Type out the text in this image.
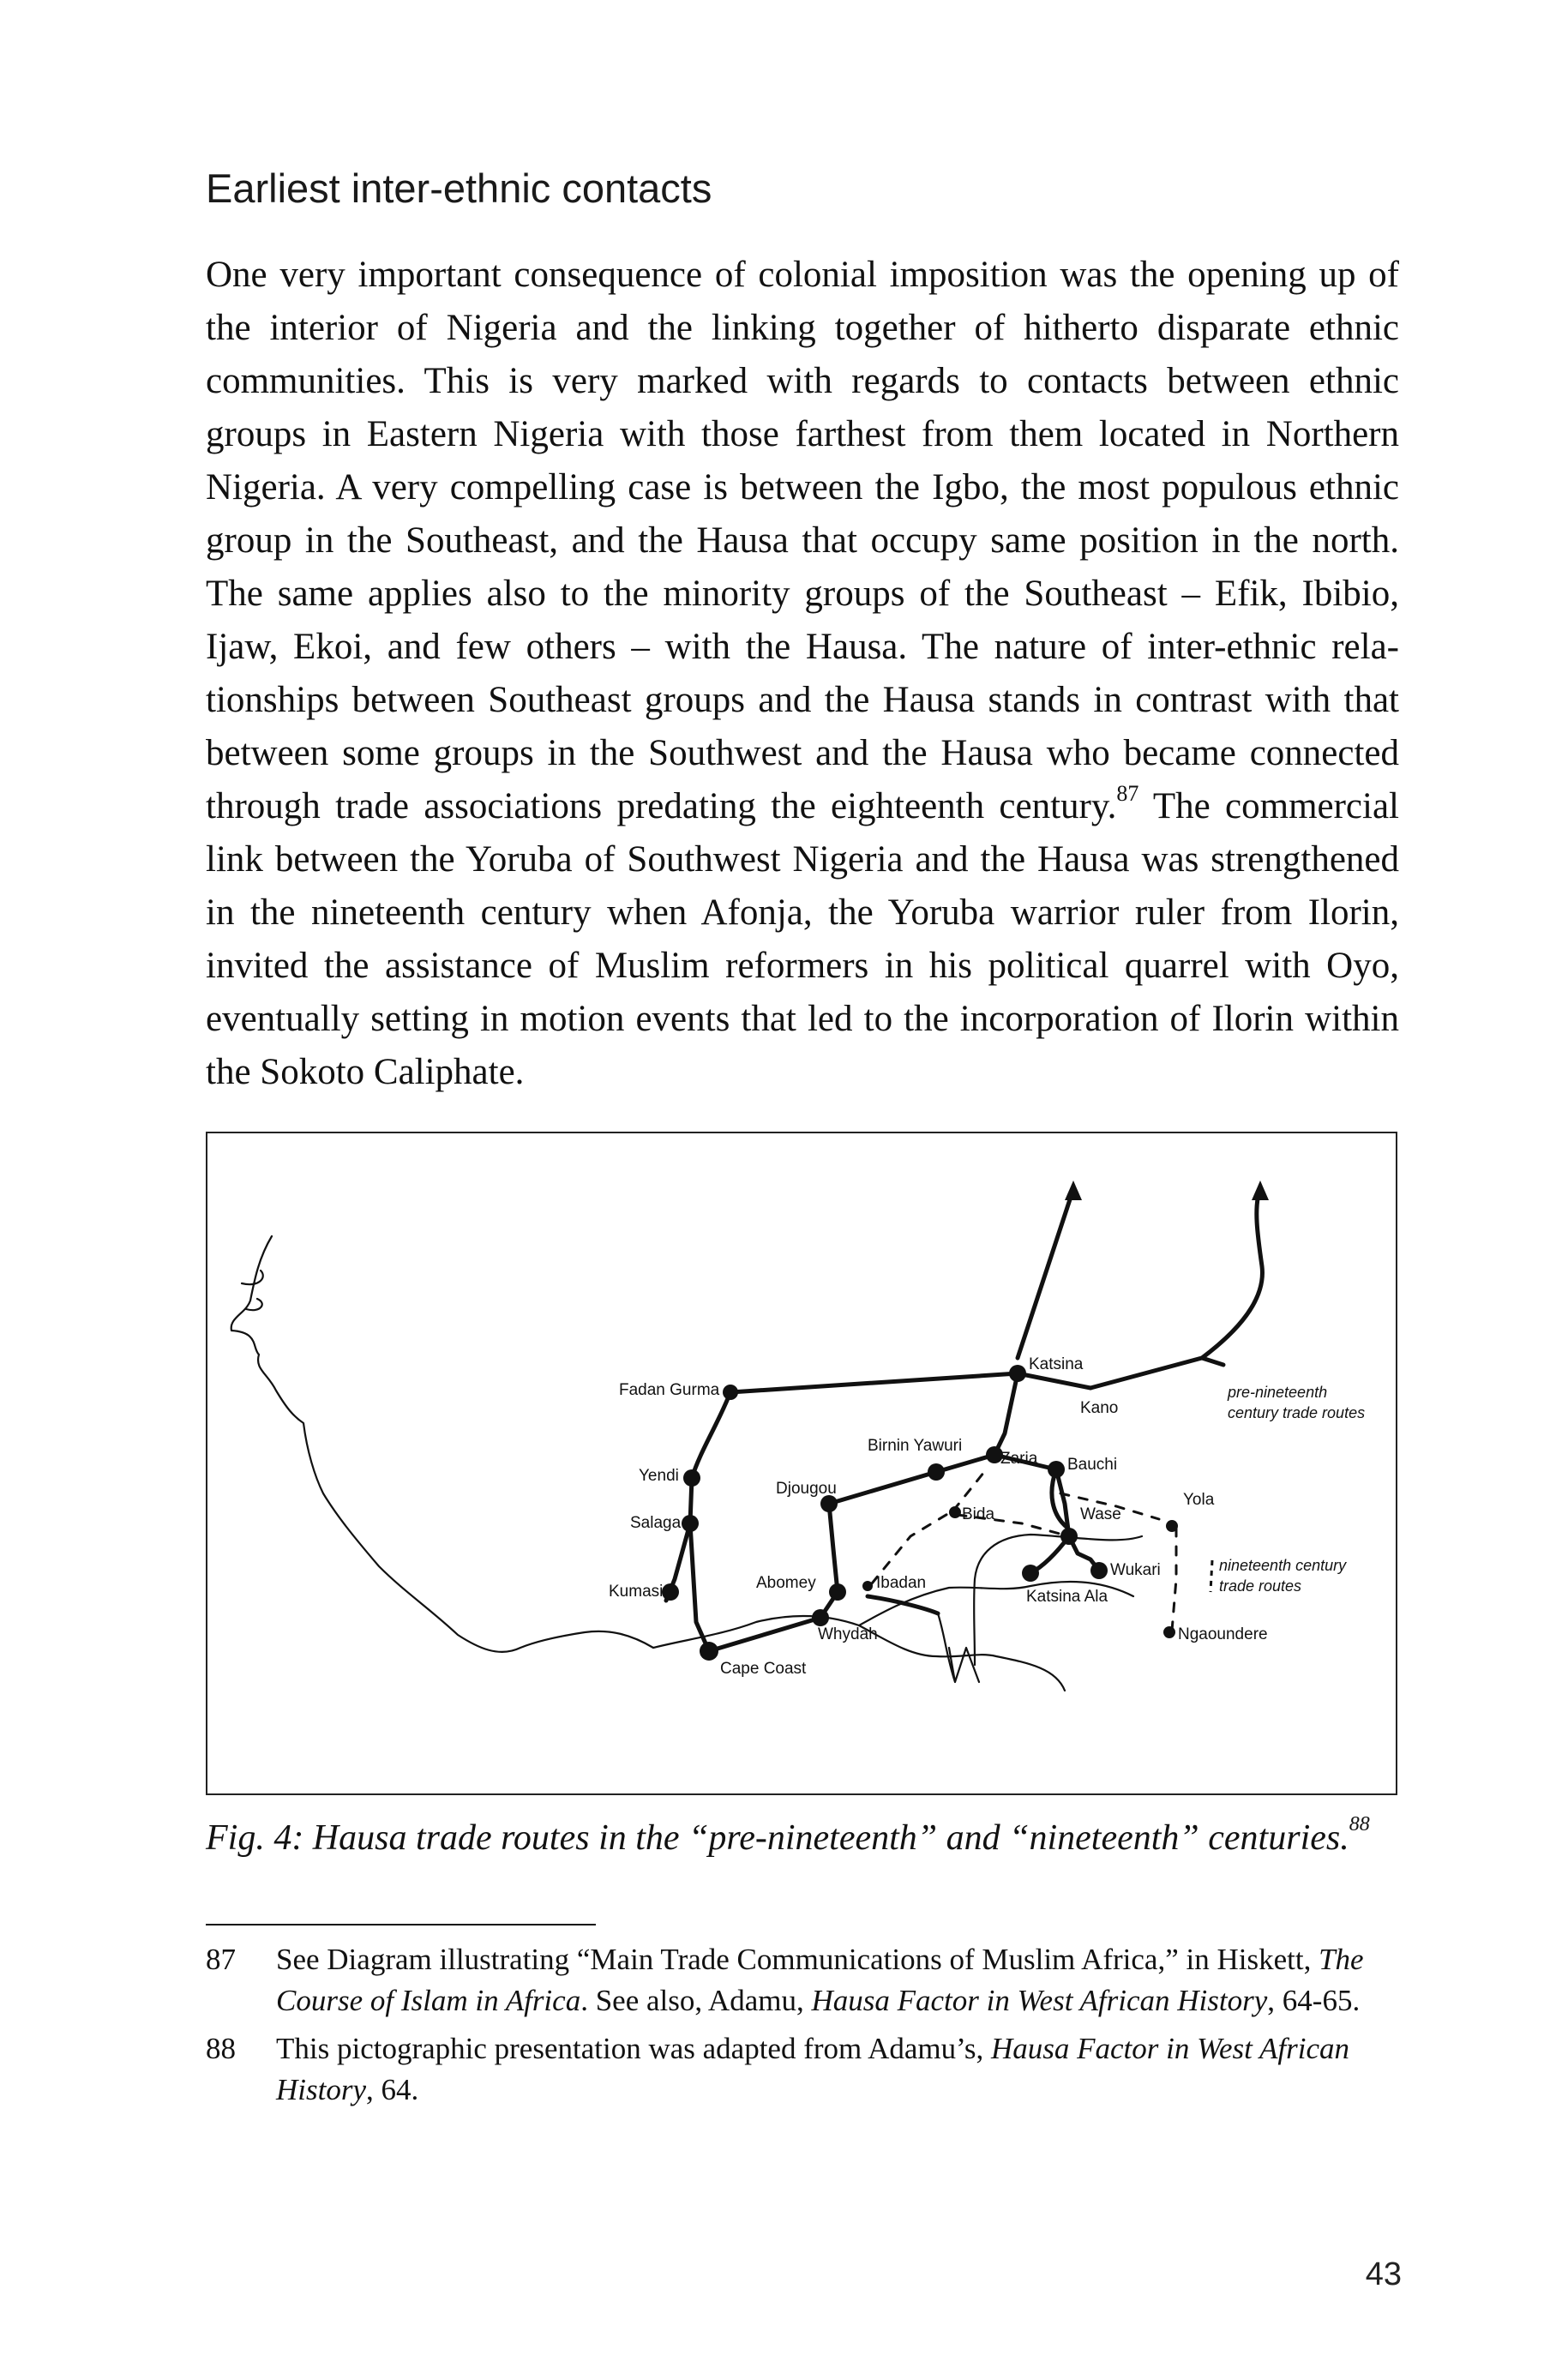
Earliest inter-ethnic contacts

One very important consequence of colonial imposition was the opening up of the interior of Nigeria and the linking together of hitherto disparate ethnic communities. This is very marked with regards to contacts between ethnic groups in Eastern Nigeria with those farthest from them located in Northern Nigeria. A very compelling case is between the Igbo, the most populous ethnic group in the Southeast, and the Hausa that occupy same position in the north. The same applies also to the minority groups of the Southeast – Efik, Ibibio, Ijaw, Ekoi, and few others – with the Hausa. The nature of inter-ethnic relationships between Southeast groups and the Hausa stands in contrast with that between some groups in the Southwest and the Hausa who became connected through trade associations predating the eighteenth century.$^{87}$ The commercial link between the Yoruba of Southwest Nigeria and the Hausa was strengthened in the nineteenth century when Afonja, the Yoruba warrior ruler from Ilorin, invited the assistance of Muslim reformers in his political quarrel with Oyo, eventually setting in motion events that led to the incorporation of Ilorin within the Sokoto Caliphate.

Fadan Gurma
Katsina
Kano
Birnin Yawuri
Zaria Bauchi
Yendi
Djougou
Salaga	Bida	Wase
Yola
Kumasi	Abomey	Ibadan
Wukari
Katsina Ala
Whydah	Ngaoundere
Cape Coast
pre-nineteenth
century trade routes
nineteenth century
trade routes

Fig. 4: Hausa trade routes in the “pre-nineteenth” and “nineteenth” centuries.$^{88}$

87	See Diagram illustrating “Main Trade Communications of Muslim Africa,” in Hiskett, The Course of Islam in Africa. See also, Adamu, Hausa Factor in West African History, 64-65.
88	This pictographic presentation was adapted from Adamu’s, Hausa Factor in West African History, 64.
43
